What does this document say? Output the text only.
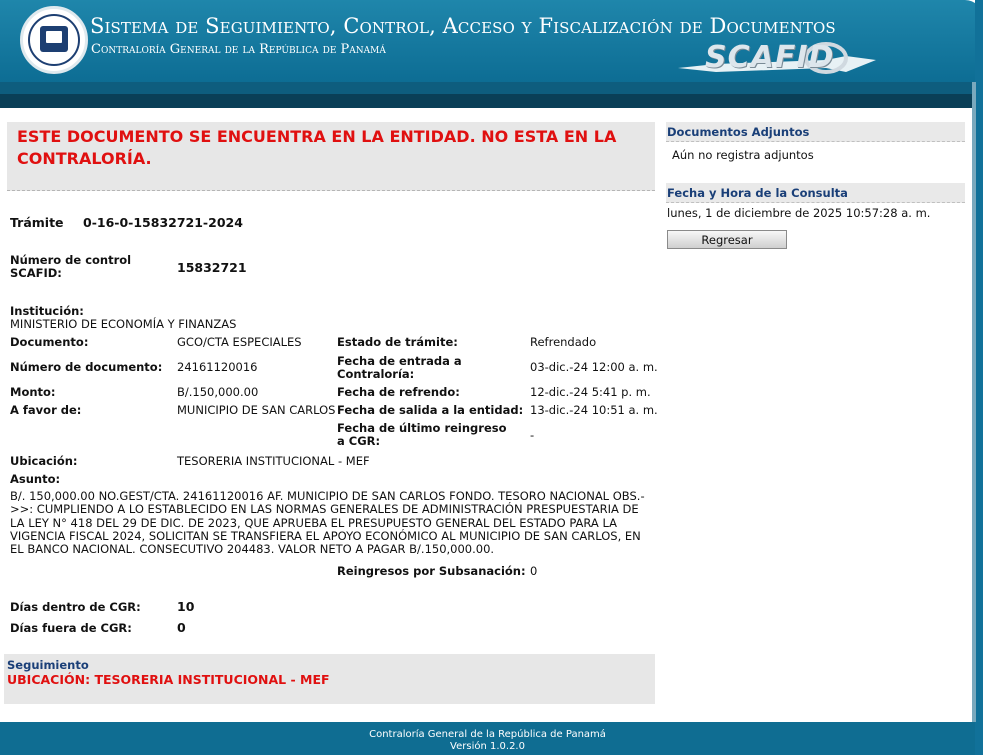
Sistema de Seguimiento, Control, Acceso y Fiscalización de Documentos
Contraloría General de la República de Panamá	SCAFID
ESTE DOCUMENTO SE ENCUENTRA EN LA ENTIDAD. NO ESTA EN LA CONTRALORÍA.
Trámite 0-16-0-15832721-2024
Número de control SCAFID:	15832721
Institución:
MINISTERIO DE ECONOMÍA Y FINANZAS
Documento:	GCO/CTA ESPECIALES
Número de documento: 24161120016
Monto:	B/.150,000.00
A favor de:	MUNICIPIO DE SAN CARLOS
Estado de trámite:	Refrendado
Fecha de entrada a Contraloría:	03-dic.-24 12:00 a. m.
Fecha de refrendo:	12-dic.-24 5:41 p. m.
Fecha de salida a la entidad: 13-dic.-24 10:51 a. m.
Fecha de último reingreso a CGR:	-
Ubicación:	TESORERIA INSTITUCIONAL - MEF
Asunto:
B/. 150,000.00 NO.GEST/CTA. 24161120016 AF. MUNICIPIO DE SAN CARLOS FONDO. TESORO NACIONAL OBS.->>: CUMPLIENDO A LO ESTABLECIDO EN LAS NORMAS GENERALES DE ADMINISTRACIÓN PRESPUESTARIA DE LA LEY N° 418 DEL 29 DE DIC. DE 2023, QUE APRUEBA EL PRESUPUESTO GENERAL DEL ESTADO PARA LA VIGENCIA FISCAL 2024, SOLICITAN SE TRANSFIERA EL APOYO ECONÓMICO AL MUNICIPIO DE SAN CARLOS, EN EL BANCO NACIONAL. CONSECUTIVO 204483. VALOR NETO A PAGAR B/.150,000.00.
Reingresos por Subsanación: 0
Días dentro de CGR:	10
Días fuera de CGR:	0
Seguimiento
UBICACIÓN: TESORERIA INSTITUCIONAL - MEF
Documentos Adjuntos
Aún no registra adjuntos
Fecha y Hora de la Consulta
lunes, 1 de diciembre de 2025 10:57:28 a. m.
Regresar
Contraloría General de la República de Panamá
Versión 1.0.2.0
